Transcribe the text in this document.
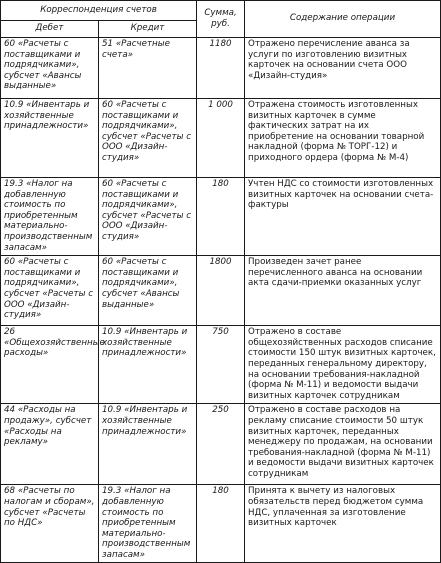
Корреспонденция счетов		Сумма, руб.	Содержание операции
Дебет	Кредит		
60 «Расчеты с поставщиками и подрядчиками», субсчет «Авансы выданные»	51 «Расчетные счета»	1180	Отражено перечисление аванса за услуги по изготовлению визитных карточек на основании счета ООО «Дизайн-студия»
10.9 «Инвентарь и хозяйственные принадлежности»	60 «Расчеты с поставщиками и подрядчиками», субсчет «Расчеты с ООО «Дизайн-студия»	1 000	Отражена стоимость изготовленных визитных карточек в сумме фактических затрат на их приобретение на основании товарной накладной (форма № ТОРГ-12) и приходного ордера (форма № М-4)
19.3 «Налог на добавленную стоимость по приобретенным материально-производственным запасам»	60 «Расчеты с поставщиками и подрядчиками», субсчет «Расчеты с ООО «Дизайн-студия»	180	Учтен НДС со стоимости изготовленных визитных карточек на основании счета-фактуры
60 «Расчеты с поставщиками и подрядчиками», субсчет «Расчеты с ООО «Дизайн-студия»	60 «Расчеты с поставщиками и подрядчиками», субсчет «Авансы выданные»	1800	Произведен зачет ранее перечисленного аванса на основании акта сдачи-приемки оказанных услуг
26 «Общехозяйственные расходы»	10.9 «Инвентарь и хозяйственные принадлежности»	750	Отражено в составе общехозяйственных расходов списание стоимости 150 штук визитных карточек, переданных генеральному директору, на основании требования-накладной (форма № М-11) и ведомости выдачи визитных карточек сотрудникам
44 «Расходы на продажу», субсчет «Расходы на рекламу»	10.9 «Инвентарь и хозяйственные принадлежности»	250	Отражено в составе расходов на рекламу списание стоимости 50 штук визитных карточек, переданных менеджеру по продажам, на основании требования-накладной (форма № М-11) и ведомости выдачи визитных карточек сотрудникам
68 «Расчеты по налогам и сборам», субсчет «Расчеты по НДС»	19.3 «Налог на добавленную стоимость по приобретенным материально-производственным запасам»	180	Принята к вычету из налоговых обязательств перед бюджетом сумма НДС, уплаченная за изготовление визитных карточек
